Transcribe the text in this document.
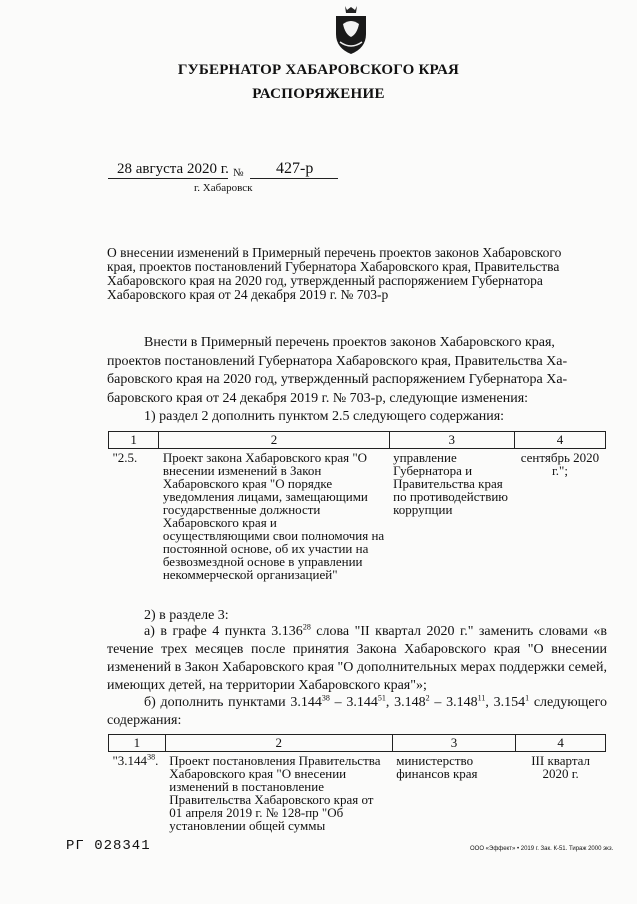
ГУБЕРНАТОР ХАБАРОВСКОГО КРАЯ
РАСПОРЯЖЕНИЕ
28 августа 2020 г. № 427-р
г. Хабаровск
О внесении изменений в Примерный перечень проектов законов Хабаровского
края, проектов постановлений Губернатора Хабаровского края, Правительства
Хабаровского края на 2020 год, утвержденный распоряжением Губернатора
Хабаровского края от 24 декабря 2019 г. № 703-р
Внести в Примерный перечень проектов законов Хабаровского края,
проектов постановлений Губернатора Хабаровского края, Правительства Ха-
баровского края на 2020 год, утвержденный распоряжением Губернатора Ха-
баровского края от 24 декабря 2019 г. № 703-р, следующие изменения:
1) раздел 2 дополнить пунктом 2.5 следующего содержания:
1	2	3	4
"2.5.	Проект закона Хабаровского края "О внесении изменений в Закон Хабаровского края "О порядке уведомления лицами, замещающими государственные должности Хабаровского края и осуществляющими свои полномочия на постоянной основе, об их участии на безвозмездной основе в управлении некоммерческой организацией"	управление Губернатора и Правительства края по противодействию коррупции	сентябрь 2020 г.";
2) в разделе 3:
а) в графе 4 пункта 3.136$^{28}$ слова "II квартал 2020 г." заменить словами «в течение трех месяцев после принятия Закона Хабаровского края "О внесении изменений в Закон Хабаровского края "О дополнительных мерах поддержки семей, имеющих детей, на территории Хабаровского края"»;
б) дополнить пунктами 3.144$^{38}$ – 3.144$^{51}$, 3.148$^2$ – 3.148$^{11}$, 3.154$^1$ следующего содержания:
1	2	3	4
"3.144$^{38}$.	Проект постановления Правительства Хабаровского края "О внесении изменений в постановление Правительства Хабаровского края от 01 апреля 2019 г. № 128-пр "Об установлении общей суммы	министерство финансов края	III квартал 2020 г.
РГ 028341	ООО «Эффект» • 2019 г. Зак. К-51. Тираж 2000 экз.
